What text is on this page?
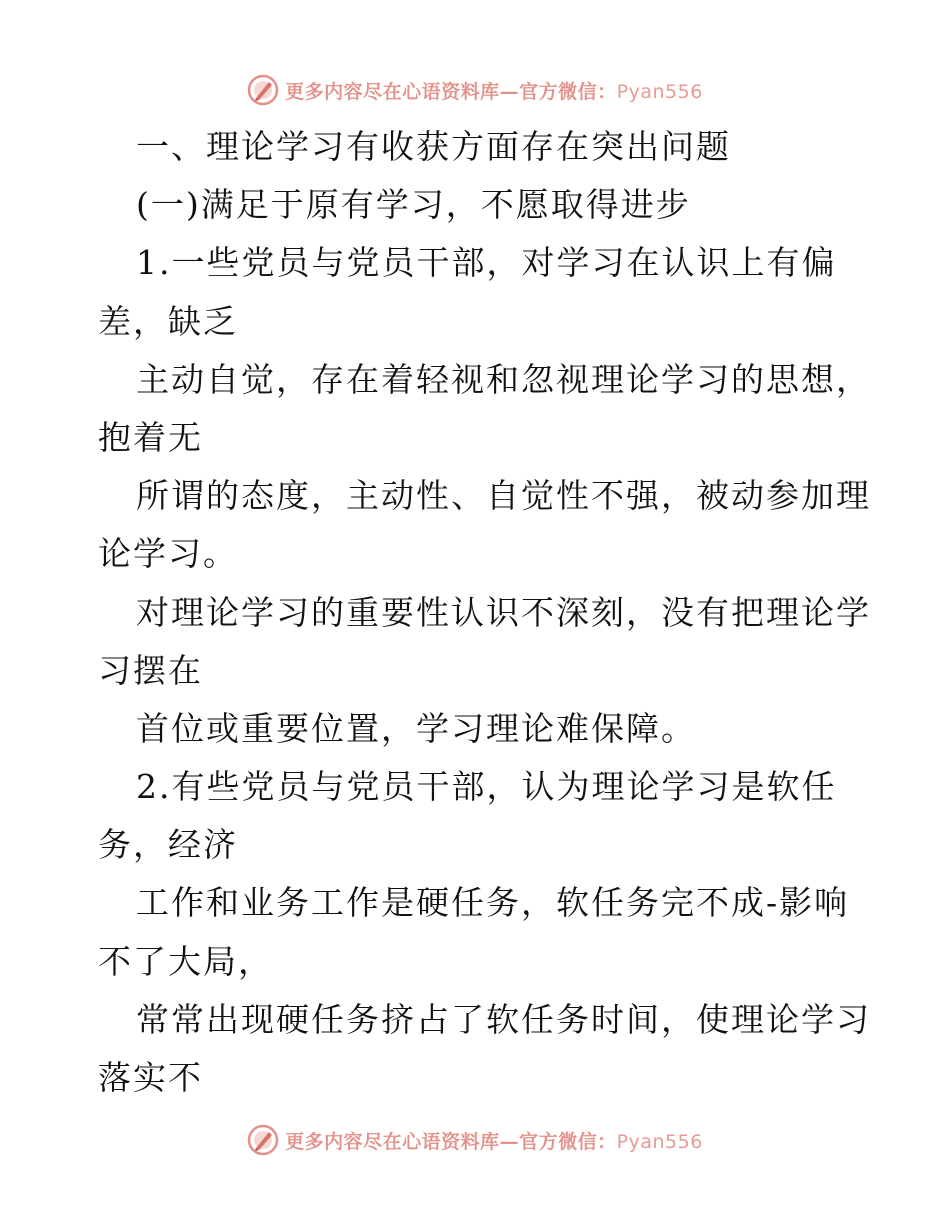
更多内容尽在心语资料库—官方微信：Pyan556
一、理论学习有收获方面存在突出问题
(一)满足于原有学习，不愿取得进步
1.一些党员与党员干部，对学习在认识上有偏
差，缺乏
主动自觉，存在着轻视和忽视理论学习的思想，
抱着无
所谓的态度，主动性、自觉性不强，被动参加理
论学习。
对理论学习的重要性认识不深刻，没有把理论学
习摆在
首位或重要位置，学习理论难保障。
2.有些党员与党员干部，认为理论学习是软任
务，经济
工作和业务工作是硬任务，软任务完不成-影响
不了大局，
常常出现硬任务挤占了软任务时间，使理论学习
落实不
更多内容尽在心语资料库—官方微信：Pyan556
